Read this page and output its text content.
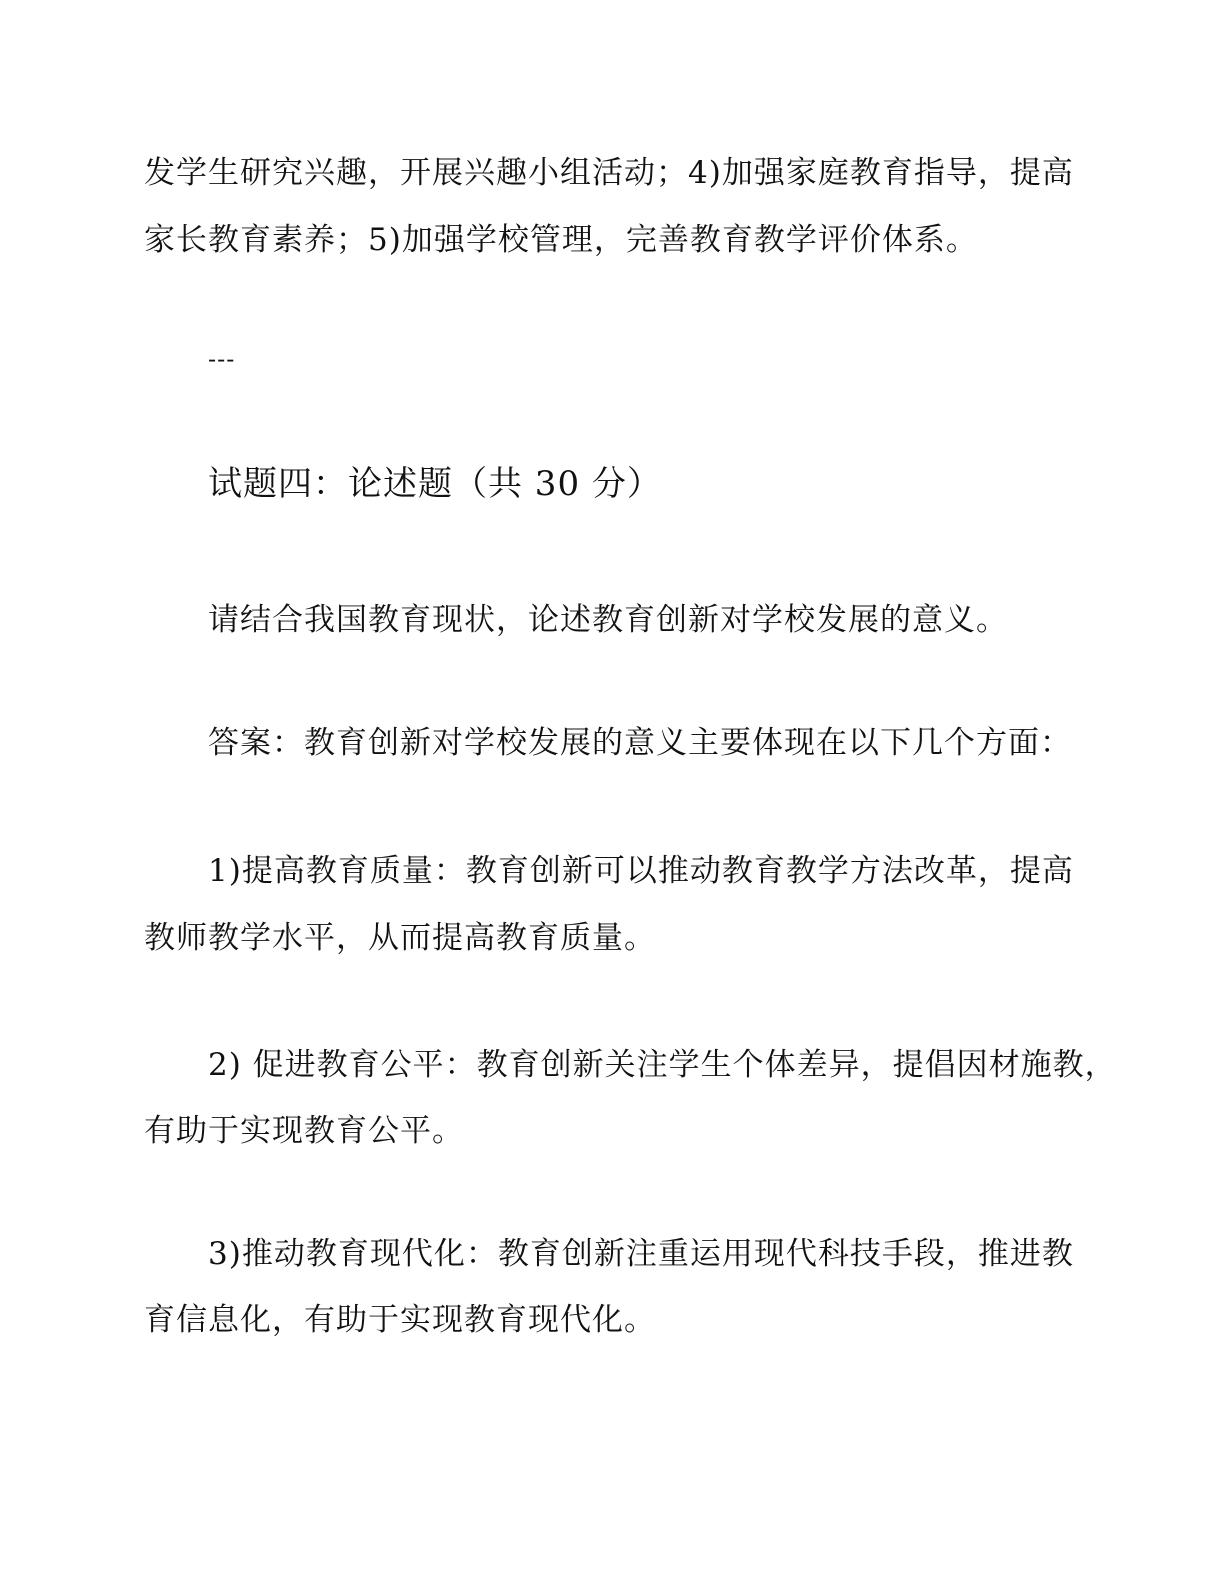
发学生研究兴趣，开展兴趣小组活动；4)加强家庭教育指导，提高
家长教育素养；5)加强学校管理，完善教育教学评价体系。
---
试题四：论述题（共 30 分）
请结合我国教育现状，论述教育创新对学校发展的意义。
答案：教育创新对学校发展的意义主要体现在以下几个方面：
1)提高教育质量：教育创新可以推动教育教学方法改革，提高
教师教学水平，从而提高教育质量。
2) 促进教育公平：教育创新关注学生个体差异，提倡因材施教，
有助于实现教育公平。
3)推动教育现代化：教育创新注重运用现代科技手段，推进教
育信息化，有助于实现教育现代化。
